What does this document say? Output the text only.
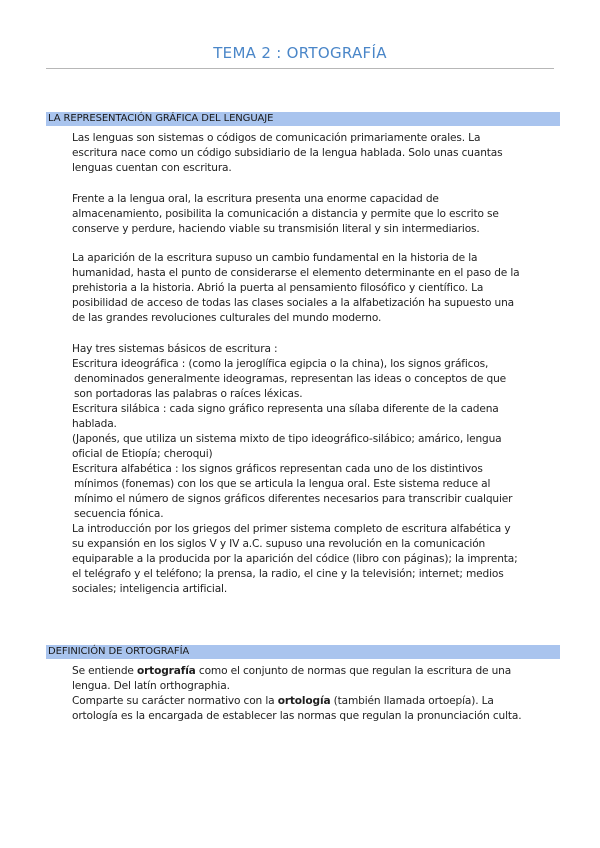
TEMA 2 : ORTOGRAFÍA
LA REPRESENTACIÓN GRÁFICA DEL LENGUAJE
Las lenguas son sistemas o códigos de comunicación primariamente orales. La
escritura nace como un código subsidiario de la lengua hablada. Solo unas cuantas
lenguas cuentan con escritura.
Frente a la lengua oral, la escritura presenta una enorme capacidad de
almacenamiento, posibilita la comunicación a distancia y permite que lo escrito se
conserve y perdure, haciendo viable su transmisión literal y sin intermediarios.
La aparición de la escritura supuso un cambio fundamental en la historia de la
humanidad, hasta el punto de considerarse el elemento determinante en el paso de la
prehistoria a la historia. Abrió la puerta al pensamiento filosófico y científico. La
posibilidad de acceso de todas las clases sociales a la alfabetización ha supuesto una
de las grandes revoluciones culturales del mundo moderno.
Hay tres sistemas básicos de escritura :
Escritura ideográfica : (como la jeroglífica egipcia o la china), los signos gráficos,
denominados generalmente ideogramas, representan las ideas o conceptos de que
son portadoras las palabras o raíces léxicas.
Escritura silábica : cada signo gráfico representa una sílaba diferente de la cadena
hablada.
(Japonés, que utiliza un sistema mixto de tipo ideográfico-silábico; amárico, lengua
oficial de Etiopía; cheroqui)
Escritura alfabética : los signos gráficos representan cada uno de los distintivos
mínimos (fonemas) con los que se articula la lengua oral. Este sistema reduce al
mínimo el número de signos gráficos diferentes necesarios para transcribir cualquier
secuencia fónica.
La introducción por los griegos del primer sistema completo de escritura alfabética y
su expansión en los siglos V y IV a.C. supuso una revolución en la comunicación
equiparable a la producida por la aparición del códice (libro con páginas); la imprenta;
el telégrafo y el teléfono; la prensa, la radio, el cine y la televisión; internet; medios
sociales; inteligencia artificial.
DEFINICIÓN DE ORTOGRAFÍA
Se entiende ortografía como el conjunto de normas que regulan la escritura de una
lengua. Del latín orthographia.
Comparte su carácter normativo con la ortología (también llamada ortoepía). La
ortología es la encargada de establecer las normas que regulan la pronunciación culta.
